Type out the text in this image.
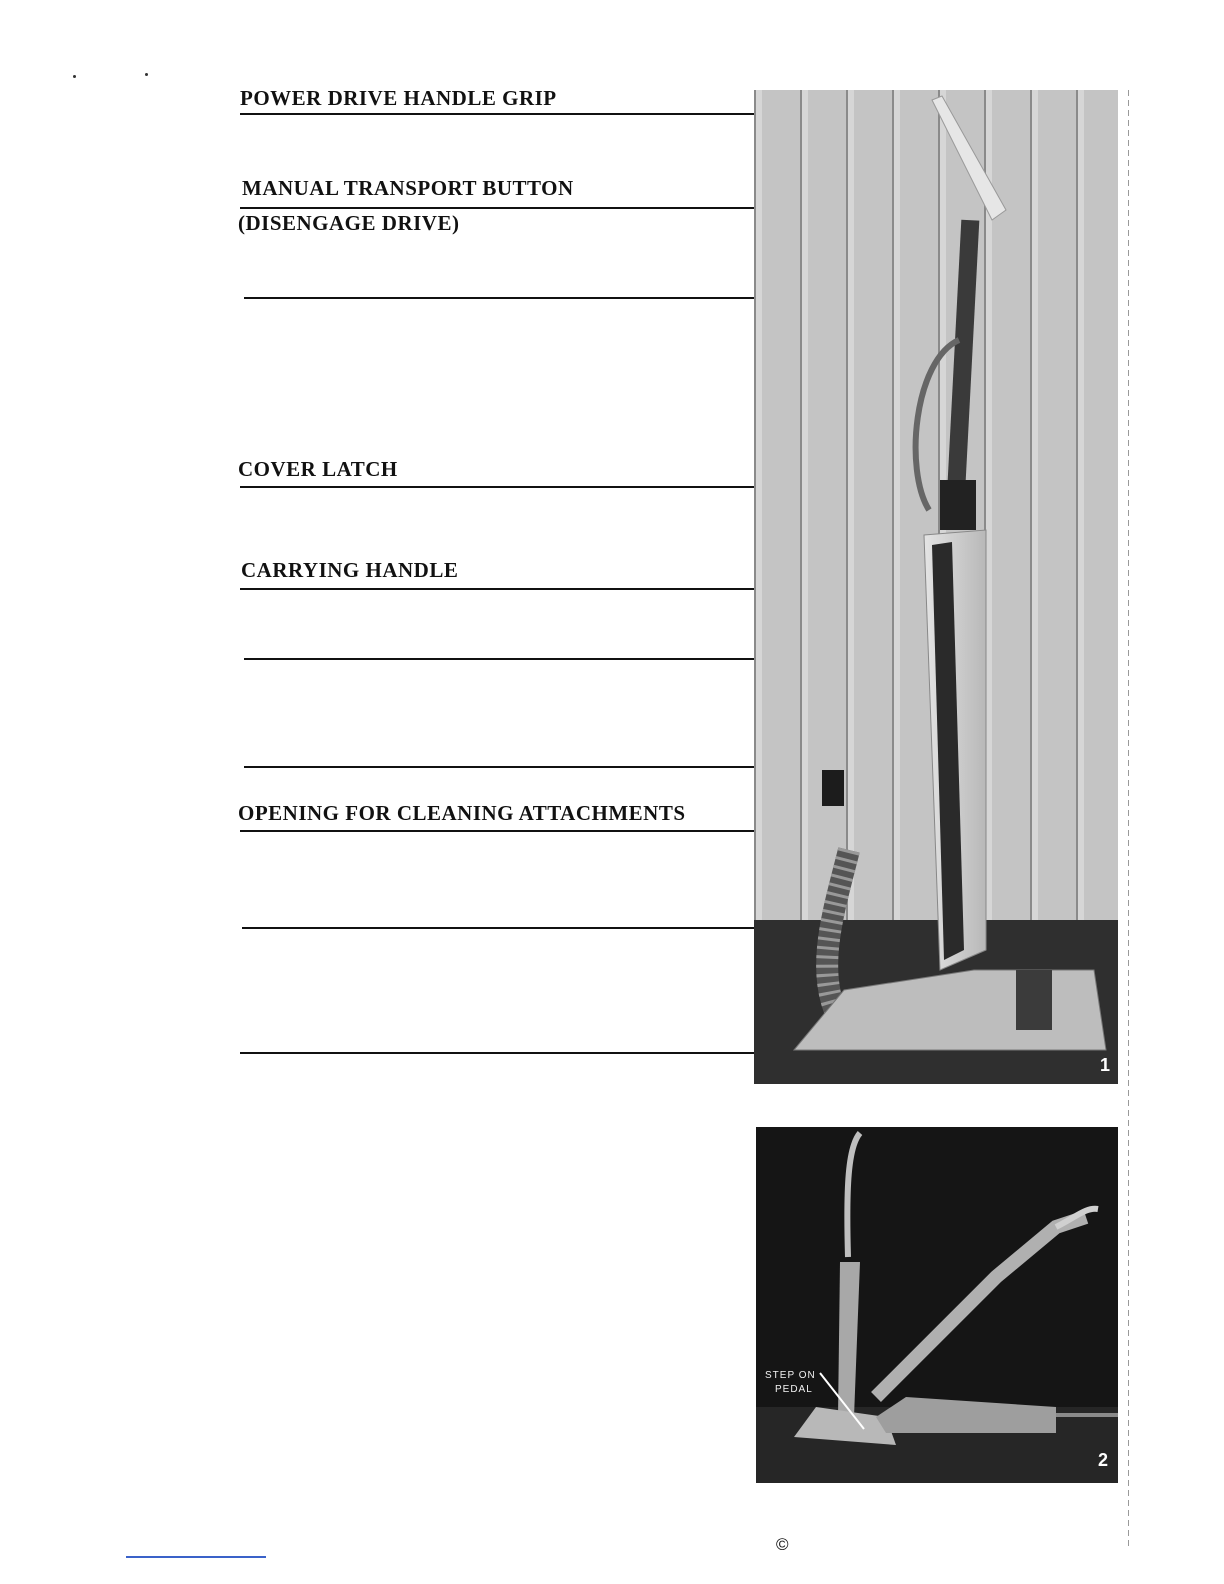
POWER DRIVE HANDLE GRIP
MANUAL TRANSPORT BUTTON
(DISENGAGE DRIVE)
COVER LATCH
CARRYING HANDLE
OPENING FOR CLEANING ATTACHMENTS
1
STEP ON
PEDAL
2
©
